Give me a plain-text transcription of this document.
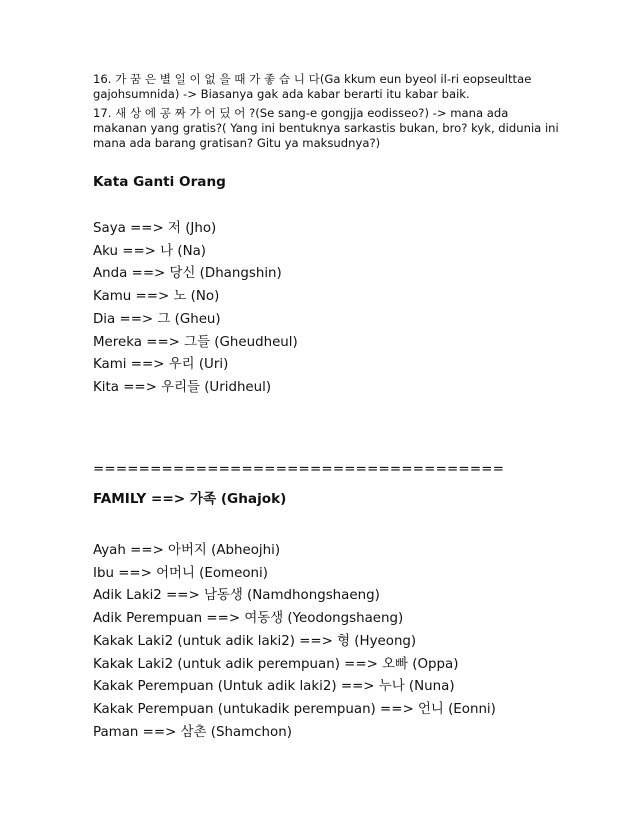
16. 가 꿈 은 별 일 이 없 을 때 가 좋 습 니 다(Ga kkum eun byeol il-ri eopseulttae gajohsumnida) -> Biasanya gak ada kabar berarti itu kabar baik.

17. 새 상 에 공 짜 가 어 딨 어 ?(Se sang-e gongjja eodisseo?) -> mana ada makanan yang gratis?( Yang ini bentuknya sarkastis bukan, bro? kyk, didunia ini mana ada barang gratisan? Gitu ya maksudnya?)

Kata Ganti Orang
Saya ==> 저 (Jho)
Aku ==> 나 (Na)
Anda ==> 당신 (Dhangshin)
Kamu ==> 노 (No)
Dia ==> 그 (Gheu)
Mereka ==> 그들 (Gheudheul)
Kami ==> 우리 (Uri)
Kita ==> 우리들 (Uridheul)
====================================
FAMILY ==> 가족 (Ghajok)
Ayah ==> 아버지 (Abheojhi)
Ibu ==> 어머니 (Eomeoni)
Adik Laki2 ==> 남동생 (Namdhongshaeng)
Adik Perempuan ==> 여동생 (Yeodongshaeng)
Kakak Laki2 (untuk adik laki2) ==> 형 (Hyeong)
Kakak Laki2 (untuk adik perempuan) ==> 오빠 (Oppa)
Kakak Perempuan (Untuk adik laki2) ==> 누나 (Nuna)
Kakak Perempuan (untukadik perempuan) ==> 언니 (Eonni)
Paman ==> 삼촌 (Shamchon)
